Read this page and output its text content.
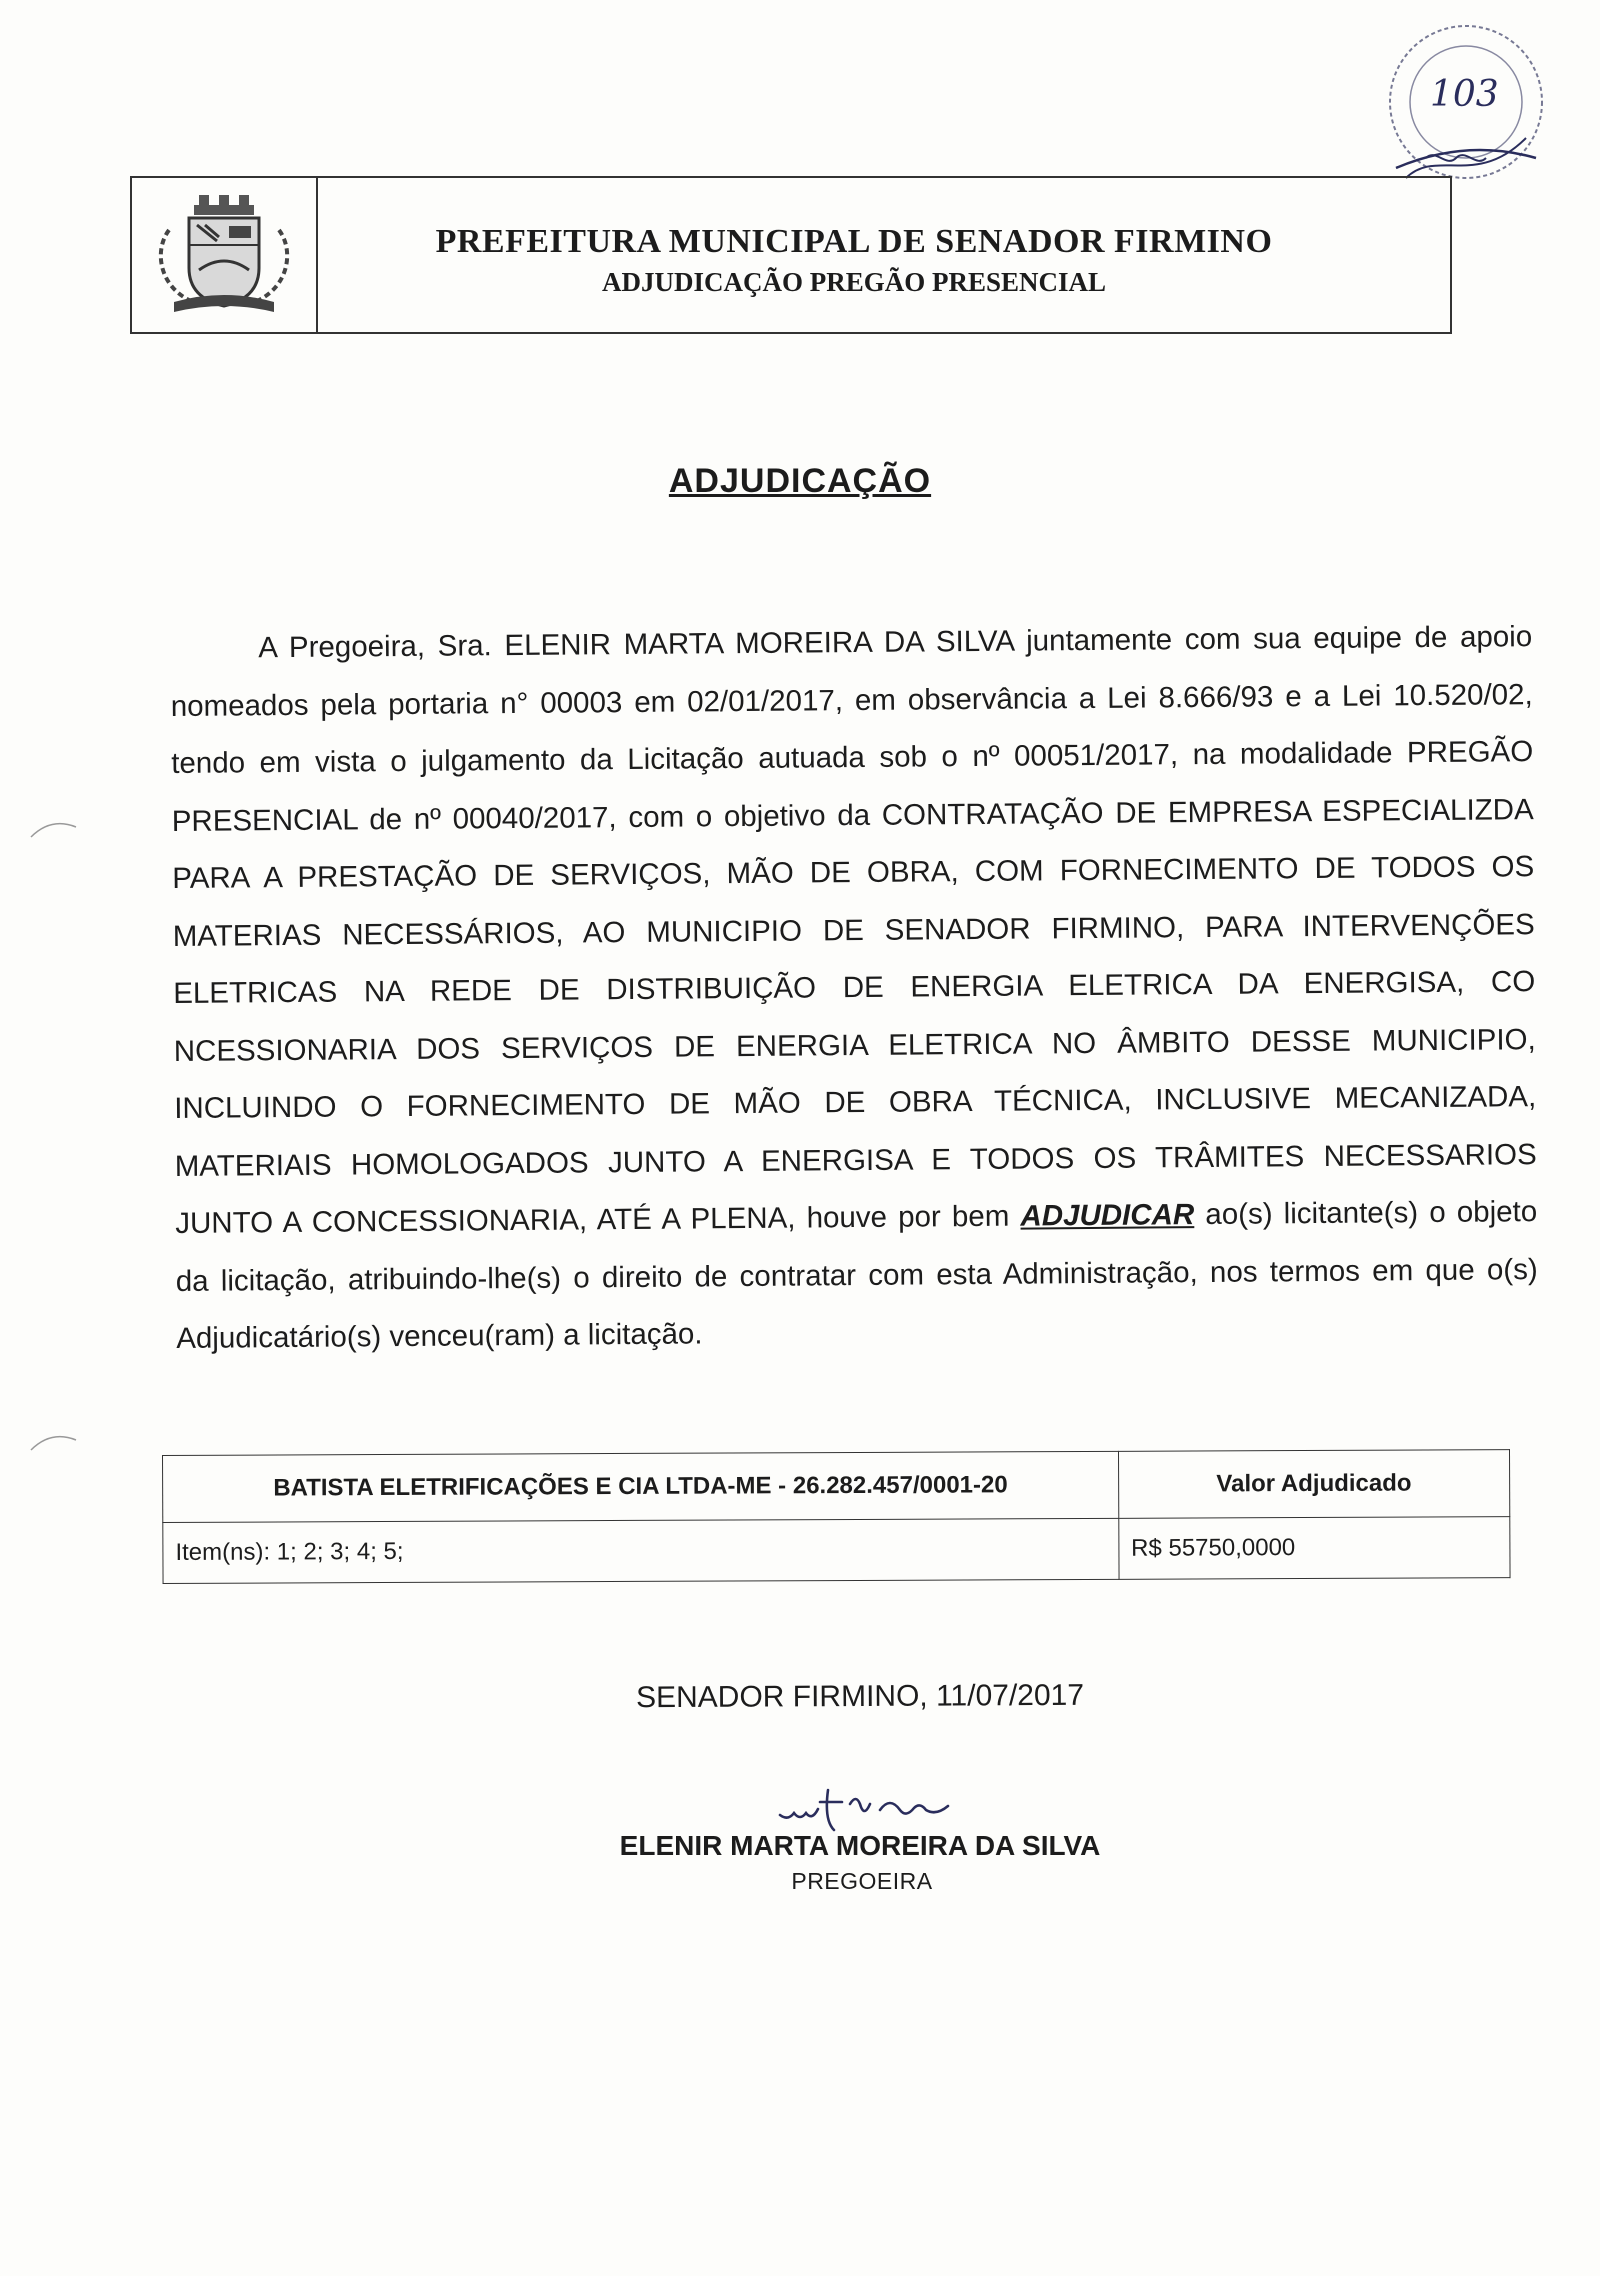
103
PREFEITURA MUNICIPAL DE SENADOR FIRMINO
ADJUDICAÇÃO PREGÃO PRESENCIAL
ADJUDICAÇÃO

A Pregoeira, Sra. ELENIR MARTA MOREIRA DA SILVA juntamente com sua equipe de apoio nomeados pela portaria n° 00003 em 02/01/2017, em observância a Lei 8.666/93 e a Lei 10.520/02, tendo em vista o julgamento da Licitação autuada sob o nº 00051/2017, na modalidade PREGÃO PRESENCIAL de nº 00040/2017, com o objetivo da CONTRATAÇÃO DE EMPRESA ESPECIALIZDA PARA A PRESTAÇÃO DE SERVIÇOS, MÃO DE OBRA, COM FORNECIMENTO DE TODOS OS MATERIAS NECESSÁRIOS, AO MUNICIPIO DE SENADOR FIRMINO, PARA INTERVENÇÕES ELETRICAS NA REDE DE DISTRIBUIÇÃO DE ENERGIA ELETRICA DA ENERGISA, CO NCESSIONARIA DOS SERVIÇOS DE ENERGIA ELETRICA NO ÂMBITO DESSE MUNICIPIO, INCLUINDO O FORNECIMENTO DE MÃO DE OBRA TÉCNICA, INCLUSIVE MECANIZADA, MATERIAIS HOMOLOGADOS JUNTO A ENERGISA E TODOS OS TRÂMITES NECESSARIOS JUNTO A CONCESSIONARIA, ATÉ A PLENA, houve por bem ADJUDICAR ao(s) licitante(s) o objeto da licitação, atribuindo-lhe(s) o direito de contratar com esta Administração, nos termos em que o(s) Adjudicatário(s) venceu(ram) a licitação.

BATISTA ELETRIFICAÇÕES E CIA LTDA-ME - 26.282.457/0001-20	Valor Adjudicado
Item(ns): 1; 2; 3; 4; 5;	R$ 55750,0000
SENADOR FIRMINO, 11/07/2017
ELENIR MARTA MOREIRA DA SILVA
PREGOEIRA
